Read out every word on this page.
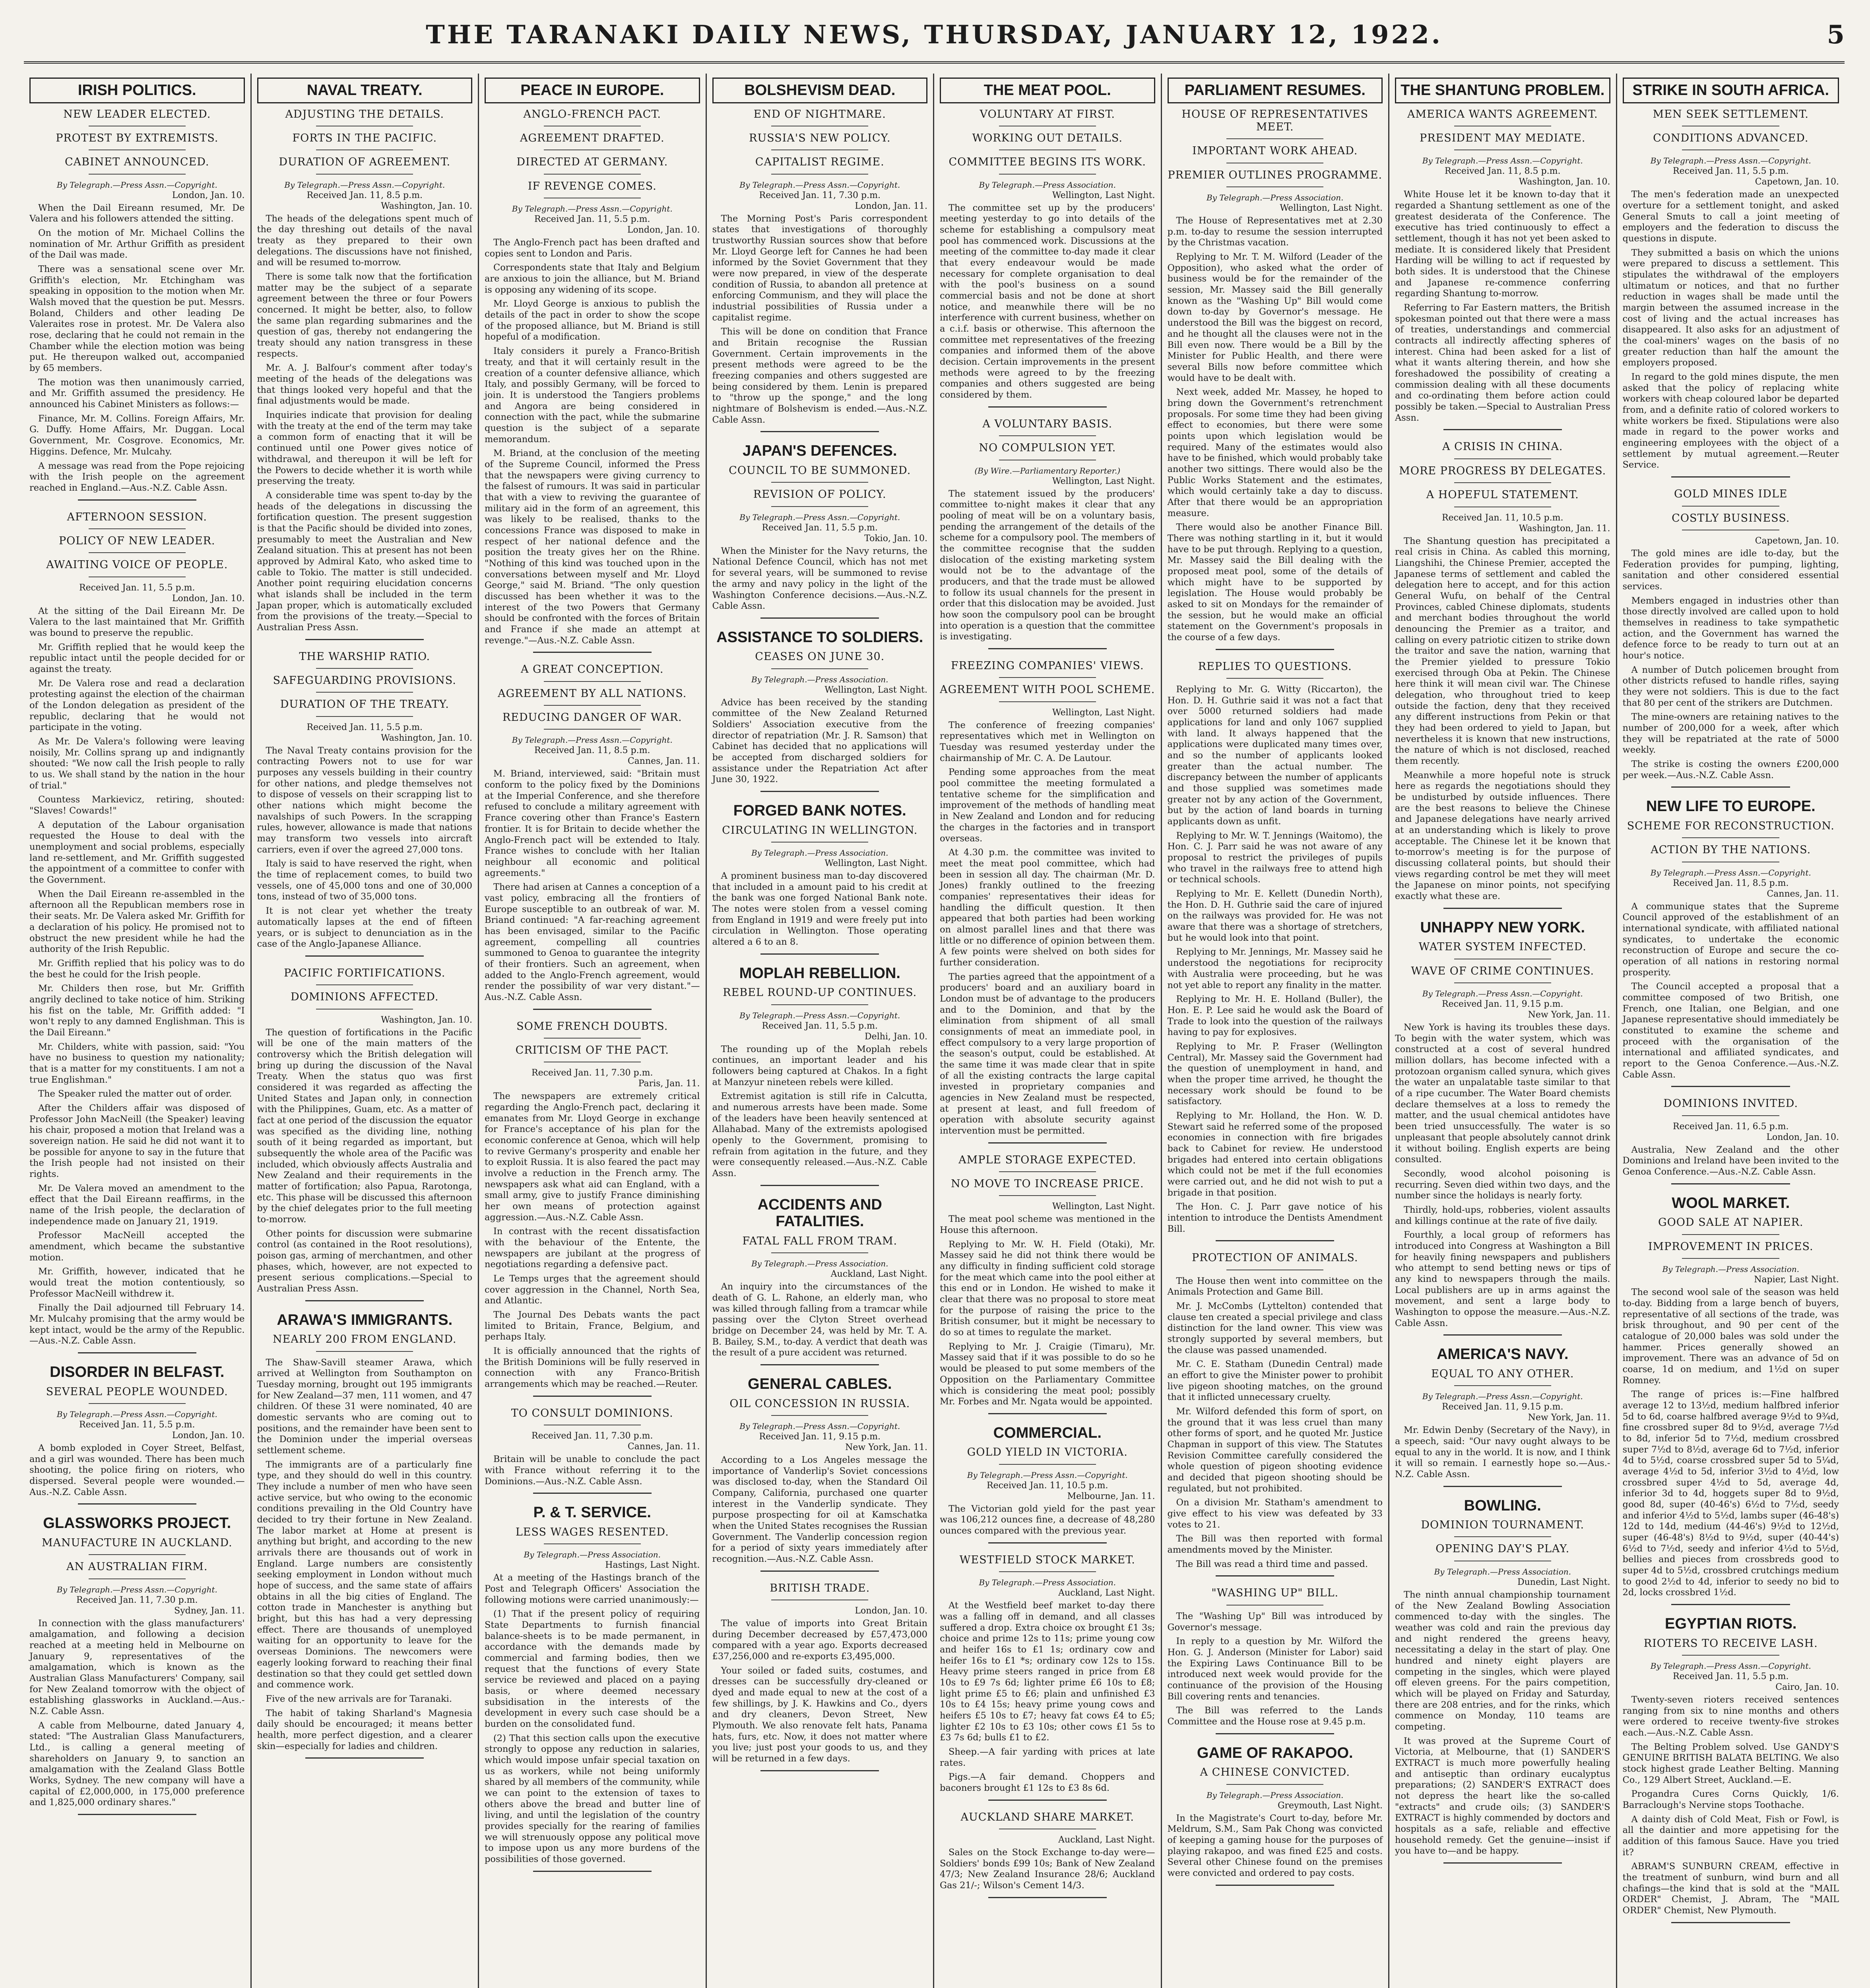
THE TARANAKI DAILY NEWS, THURSDAY, JANUARY 12, 1922.	5
IRISH POLITICS.
NEW LEADER ELECTED.
PROTEST BY EXTREMISTS.
CABINET ANNOUNCED.
By Telegraph.—Press Assn.—Copyright.
London, Jan. 10.

When the Dail Eireann resumed, Mr. De Valera and his followers attended the sitting.

On the motion of Mr. Michael Collins the nomination of Mr. Arthur Griffith as president of the Dail was made.

There was a sensational scene over Mr. Griffith's election, Mr. Etchingham was speaking in opposition to the motion when Mr. Walsh moved that the question be put. Messrs. Boland, Childers and other leading De Valeraites rose in protest. Mr. De Valera also rose, declaring that he could not remain in the Chamber while the election motion was being put. He thereupon walked out, accompanied by 65 members.

The motion was then unanimously carried, and Mr. Griffith assumed the presidency. He announced his Cabinet Ministers as follows:—

Finance, Mr. M. Collins. Foreign Affairs, Mr. G. Duffy. Home Affairs, Mr. Duggan. Local Government, Mr. Cosgrove. Economics, Mr. Higgins. Defence, Mr. Mulcahy.

A message was read from the Pope rejoicing with the Irish people on the agreement reached in England.—Aus.-N.Z. Cable Assn.

AFTERNOON SESSION.
POLICY OF NEW LEADER.
AWAITING VOICE OF PEOPLE.
Received Jan. 11, 5.5 p.m.
London, Jan. 10.

At the sitting of the Dail Eireann Mr. De Valera to the last maintained that Mr. Griffith was bound to preserve the republic.

Mr. Griffith replied that he would keep the republic intact until the people decided for or against the treaty.

Mr. De Valera rose and read a declaration protesting against the election of the chairman of the London delegation as president of the republic, declaring that he would not participate in the voting.

As Mr. De Valera's following were leaving noisily, Mr. Collins sprang up and indignantly shouted: "We now call the Irish people to rally to us. We shall stand by the nation in the hour of trial."

Countess Markievicz, retiring, shouted: "Slaves! Cowards!"

A deputation of the Labour organisation requested the House to deal with the unemployment and social problems, especially land re-settlement, and Mr. Griffith suggested the appointment of a committee to confer with the Government.

When the Dail Eireann re-assembled in the afternoon all the Republican members rose in their seats. Mr. De Valera asked Mr. Griffith for a declaration of his policy. He promised not to obstruct the new president while he had the authority of the Irish Republic.

Mr. Griffith replied that his policy was to do the best he could for the Irish people.

Mr. Childers then rose, but Mr. Griffith angrily declined to take notice of him. Striking his fist on the table, Mr. Griffith added: "I won't reply to any damned Englishman. This is the Dail Eireann."

Mr. Childers, white with passion, said: "You have no business to question my nationality; that is a matter for my constituents. I am not a true Englishman."

The Speaker ruled the matter out of order.

After the Childers affair was disposed of Professor John MacNeill (the Speaker) leaving his chair, proposed a motion that Ireland was a sovereign nation. He said he did not want it to be possible for anyone to say in the future that the Irish people had not insisted on their rights.

Mr. De Valera moved an amendment to the effect that the Dail Eireann reaffirms, in the name of the Irish people, the declaration of independence made on January 21, 1919.

Professor MacNeill accepted the amendment, which became the substantive motion.

Mr. Griffith, however, indicated that he would treat the motion contentiously, so Professor MacNeill withdrew it.

Finally the Dail adjourned till February 14. Mr. Mulcahy promising that the army would be kept intact, would be the army of the Republic.—Aus.-N.Z. Cable Assn.

DISORDER IN BELFAST.
SEVERAL PEOPLE WOUNDED.
By Telegraph.—Press Assn.—Copyright.
Received Jan. 11, 5.5 p.m.
London, Jan. 10.

A bomb exploded in Coyer Street, Belfast, and a girl was wounded. There has been much shooting, the police firing on rioters, who dispersed. Several people were wounded.—Aus.-N.Z. Cable Assn.

GLASSWORKS PROJECT.
MANUFACTURE IN AUCKLAND.
AN AUSTRALIAN FIRM.
By Telegraph.—Press Assn.—Copyright.
Received Jan. 11, 7.30 p.m.
Sydney, Jan. 11.

In connection with the glass manufacturers' amalgamation, and following a decision reached at a meeting held in Melbourne on January 9, representatives of the amalgamation, which is known as the Australian Glass Manufacturers' Company, sail for New Zealand tomorrow with the object of establishing glassworks in Auckland.—Aus.-N.Z. Cable Assn.

A cable from Melbourne, dated January 4, stated: "The Australian Glass Manufacturers, Ltd., is calling a general meeting of shareholders on January 9, to sanction an amalgamation with the Zealand Glass Bottle Works, Sydney. The new company will have a capital of £2,000,000, in 175,000 preference and 1,825,000 ordinary shares."

NAVAL TREATY.
ADJUSTING THE DETAILS.
FORTS IN THE PACIFIC.
DURATION OF AGREEMENT.
By Telegraph.—Press Assn.—Copyright.
Received Jan. 11, 8.5 p.m.
Washington, Jan. 10.

The heads of the delegations spent much of the day threshing out details of the naval treaty as they prepared to their own delegations. The discussions have not finished, and will be resumed to-morrow.

There is some talk now that the fortification matter may be the subject of a separate agreement between the three or four Powers concerned. It might be better, also, to follow the same plan regarding submarines and the question of gas, thereby not endangering the treaty should any nation transgress in these respects.

Mr. A. J. Balfour's comment after today's meeting of the heads of the delegations was that things looked very hopeful and that the final adjustments would be made.

Inquiries indicate that provision for dealing with the treaty at the end of the term may take a common form of enacting that it will be continued until one Power gives notice of withdrawal, and thereupon it will be left for the Powers to decide whether it is worth while preserving the treaty.

A considerable time was spent to-day by the heads of the delegations in discussing the fortification question. The present suggestion is that the Pacific should be divided into zones, presumably to meet the Australian and New Zealand situation. This at present has not been approved by Admiral Kato, who asked time to cable to Tokio. The matter is still undecided. Another point requiring elucidation concerns what islands shall be included in the term Japan proper, which is automatically excluded from the provisions of the treaty.—Special to Australian Press Assn.

THE WARSHIP RATIO.
SAFEGUARDING PROVISIONS.
DURATION OF THE TREATY.
Received Jan. 11, 5.5 p.m.
Washington, Jan. 10.

The Naval Treaty contains provision for the contracting Powers not to use for war purposes any vessels building in their country for other nations, and pledge themselves not to dispose of vessels on their scrapping list to other nations which might become the navalships of such Powers. In the scrapping rules, however, allowance is made that nations may transform two vessels into aircraft carriers, even if over the agreed 27,000 tons.

Italy is said to have reserved the right, when the time of replacement comes, to build two vessels, one of 45,000 tons and one of 30,000 tons, instead of two of 35,000 tons.

It is not clear yet whether the treaty automatically lapses at the end of fifteen years, or is subject to denunciation as in the case of the Anglo-Japanese Alliance.

PACIFIC FORTIFICATIONS.
DOMINIONS AFFECTED.
Washington, Jan. 10.

The question of fortifications in the Pacific will be one of the main matters of the controversy which the British delegation will bring up during the discussion of the Naval Treaty. When the status quo was first considered it was regarded as affecting the United States and Japan only, in connection with the Philippines, Guam, etc. As a matter of fact at one period of the discussion the equator was specified as the dividing line, nothing south of it being regarded as important, but subsequently the whole area of the Pacific was included, which obviously affects Australia and New Zealand and their requirements in the matter of fortification; also Papua, Rarotonga, etc. This phase will be discussed this afternoon by the chief delegates prior to the full meeting to-morrow.

Other points for discussion were submarine control (as contained in the Root resolutions), poison gas, arming of merchantmen, and other phases, which, however, are not expected to present serious complications.—Special to Australian Press Assn.

ARAWA'S IMMIGRANTS.
NEARLY 200 FROM ENGLAND.

The Shaw-Savill steamer Arawa, which arrived at Wellington from Southampton on Tuesday morning, brought out 195 immigrants for New Zealand—37 men, 111 women, and 47 children. Of these 31 were nominated, 40 are domestic servants who are coming out to positions, and the remainder have been sent to the Dominion under the imperial overseas settlement scheme.

The immigrants are of a particularly fine type, and they should do well in this country. They include a number of men who have seen active service, but who owing to the economic conditions prevailing in the Old Country have decided to try their fortune in New Zealand. The labor market at Home at present is anything but bright, and according to the new arrivals there are thousands out of work in England. Large numbers are consistently seeking employment in London without much hope of success, and the same state of affairs obtains in all the big cities of England. The cotton trade in Manchester is anything but bright, but this has had a very depressing effect. There are thousands of unemployed waiting for an opportunity to leave for the overseas Dominions. The newcomers were eagerly looking forward to reaching their final destination so that they could get settled down and commence work.

Five of the new arrivals are for Taranaki.

The habit of taking Sharland's Magnesia daily should be encouraged; it means better health, more perfect digestion, and a clearer skin—especially for ladies and children.

PEACE IN EUROPE.
ANGLO-FRENCH PACT.
AGREEMENT DRAFTED.
DIRECTED AT GERMANY.
IF REVENGE COMES.
By Telegraph.—Press Assn.—Copyright.
Received Jan. 11, 5.5 p.m.
London, Jan. 10.

The Anglo-French pact has been drafted and copies sent to London and Paris.

Correspondents state that Italy and Belgium are anxious to join the alliance, but M. Briand is opposing any widening of its scope.

Mr. Lloyd George is anxious to publish the details of the pact in order to show the scope of the proposed alliance, but M. Briand is still hopeful of a modification.

Italy considers it purely a Franco-British treaty, and that it will certainly result in the creation of a counter defensive alliance, which Italy, and possibly Germany, will be forced to join. It is understood the Tangiers problems and Angora are being considered in connection with the pact, while the submarine question is the subject of a separate memorandum.

M. Briand, at the conclusion of the meeting of the Supreme Council, informed the Press that the newspapers were giving currency to the falsest of rumours. It was said in particular that with a view to reviving the guarantee of military aid in the form of an agreement, this was likely to be realised, thanks to the concessions France was disposed to make in respect of her national defence and the position the treaty gives her on the Rhine. "Nothing of this kind was touched upon in the conversations between myself and Mr. Lloyd George," said M. Briand. "The only question discussed has been whether it was to the interest of the two Powers that Germany should be confronted with the forces of Britain and France if she made an attempt at revenge."—Aus.-N.Z. Cable Assn.

A GREAT CONCEPTION.
AGREEMENT BY ALL NATIONS.
REDUCING DANGER OF WAR.
By Telegraph.—Press Assn.—Copyright.
Received Jan. 11, 8.5 p.m.
Cannes, Jan. 11.

M. Briand, interviewed, said: "Britain must conform to the policy fixed by the Dominions at the Imperial Conference, and she therefore refused to conclude a military agreement with France covering other than France's Eastern frontier. It is for Britain to decide whether the Anglo-French pact will be extended to Italy. France wishes to conclude with her Italian neighbour all economic and political agreements."

There had arisen at Cannes a conception of a vast policy, embracing all the frontiers of Europe susceptible to an outbreak of war. M. Briand continued: "A far-reaching agreement has been envisaged, similar to the Pacific agreement, compelling all countries summoned to Genoa to guarantee the integrity of their frontiers. Such an agreement, when added to the Anglo-French agreement, would render the possibility of war very distant."—Aus.-N.Z. Cable Assn.

SOME FRENCH DOUBTS.
CRITICISM OF THE PACT.
Received Jan. 11, 7.30 p.m.
Paris, Jan. 11.

The newspapers are extremely critical regarding the Anglo-French pact, declaring it emanates from Mr. Lloyd George in exchange for France's acceptance of his plan for the economic conference at Genoa, which will help to revive Germany's prosperity and enable her to exploit Russia. It is also feared the pact may involve a reduction in the French army. The newspapers ask what aid can England, with a small army, give to justify France diminishing her own means of protection against aggression.—Aus.-N.Z. Cable Assn.

In contrast with the recent dissatisfaction with the behaviour of the Entente, the newspapers are jubilant at the progress of negotiations regarding a defensive pact.

Le Temps urges that the agreement should cover aggression in the Channel, North Sea, and Atlantic.

The Journal Des Debats wants the pact limited to Britain, France, Belgium, and perhaps Italy.

It is officially announced that the rights of the British Dominions will be fully reserved in connection with any Franco-British arrangements which may be reached.—Reuter.

TO CONSULT DOMINIONS.
Received Jan. 11, 7.30 p.m.
Cannes, Jan. 11.

Britain will be unable to conclude the pact with France without referring it to the Dominions.—Aus.-N.Z. Cable Assn.

P. & T. SERVICE.
LESS WAGES RESENTED.
By Telegraph.—Press Association.
Hastings, Last Night.

At a meeting of the Hastings branch of the Post and Telegraph Officers' Association the following motions were carried unanimously:—

(1) That if the present policy of requiring State Departments to furnish financial balance-sheets is to be made permanent, in accordance with the demands made by commercial and farming bodies, then we request that the functions of every State service be reviewed and placed on a paying basis, or where deemed necessary subsidisation in the interests of the development in every such case should be a burden on the consolidated fund.

(2) That this section calls upon the executive strongly to oppose any reduction in salaries, which would impose unfair special taxation on us as workers, while not being uniformly shared by all members of the community, while we can point to the extension of taxes to others above the bread and butter line of living, and until the legislation of the country provides specially for the rearing of families we will strenuously oppose any political move to impose upon us any more burdens of the possibilities of those governed.

BOLSHEVISM DEAD.
END OF NIGHTMARE.
RUSSIA'S NEW POLICY.
CAPITALIST REGIME.
By Telegraph.—Press Assn.—Copyright.
Received Jan. 11, 7.30 p.m.
London, Jan. 11.

The Morning Post's Paris correspondent states that investigations of thoroughly trustworthy Russian sources show that before Mr. Lloyd George left for Cannes he had been informed by the Soviet Government that they were now prepared, in view of the desperate condition of Russia, to abandon all pretence at enforcing Communism, and they will place the industrial possibilities of Russia under a capitalist regime.

This will be done on condition that France and Britain recognise the Russian Government. Certain improvements in the present methods were agreed to be the freezing companies and others suggested are being considered by them. Lenin is prepared to "throw up the sponge," and the long nightmare of Bolshevism is ended.—Aus.-N.Z. Cable Assn.

JAPAN'S DEFENCES.
COUNCIL TO BE SUMMONED.
REVISION OF POLICY.
By Telegraph.—Press Assn.—Copyright.
Received Jan. 11, 5.5 p.m.
Tokio, Jan. 10.

When the Minister for the Navy returns, the National Defence Council, which has not met for several years, will be summoned to revise the army and navy policy in the light of the Washington Conference decisions.—Aus.-N.Z. Cable Assn.

ASSISTANCE TO SOLDIERS.
CEASES ON JUNE 30.
By Telegraph.—Press Association.
Wellington, Last Night.

Advice has been received by the standing committee of the New Zealand Returned Soldiers' Association executive from the director of repatriation (Mr. J. R. Samson) that Cabinet has decided that no applications will be accepted from discharged soldiers for assistance under the Repatriation Act after June 30, 1922.

FORGED BANK NOTES.
CIRCULATING IN WELLINGTON.
By Telegraph.—Press Association.
Wellington, Last Night.

A prominent business man to-day discovered that included in a amount paid to his credit at the bank was one forged National Bank note. The notes were stolen from a vessel coming from England in 1919 and were freely put into circulation in Wellington. Those operating altered a 6 to an 8.

MOPLAH REBELLION.
REBEL ROUND-UP CONTINUES.
By Telegraph.—Press Assn.—Copyright.
Received Jan. 11, 5.5 p.m.
Delhi, Jan. 10.

The rounding up of the Moplah rebels continues, an important leader and his followers being captured at Chakos. In a fight at Manzyur nineteen rebels were killed.

Extremist agitation is still rife in Calcutta, and numerous arrests have been made. Some of the leaders have been heavily sentenced at Allahabad. Many of the extremists apologised openly to the Government, promising to refrain from agitation in the future, and they were consequently released.—Aus.-N.Z. Cable Assn.

ACCIDENTS AND FATALITIES.
FATAL FALL FROM TRAM.
By Telegraph.—Press Association.
Auckland, Last Night.

An inquiry into the circumstances of the death of G. L. Rahone, an elderly man, who was killed through falling from a tramcar while passing over the Clyton Street overhead bridge on December 24, was held by Mr. T. A. B. Bailey, S.M., to-day. A verdict that death was the result of a pure accident was returned.

GENERAL CABLES.
OIL CONCESSION IN RUSSIA.
By Telegraph.—Press Assn.—Copyright.
Received Jan. 11, 9.15 p.m.
New York, Jan. 11.

According to a Los Angeles message the importance of Vanderlip's Soviet concessions was disclosed to-day, when the Standard Oil Company, California, purchased one quarter interest in the Vanderlip syndicate. They purpose prospecting for oil at Kamschatka when the United States recognises the Russian Government. The Vanderlip concession region for a period of sixty years immediately after recognition.—Aus.-N.Z. Cable Assn.

BRITISH TRADE.
London, Jan. 10.

The value of imports into Great Britain during December decreased by £57,473,000 compared with a year ago. Exports decreased £37,256,000 and re-exports £3,495,000.

Your soiled or faded suits, costumes, and dresses can be successfully dry-cleaned or dyed and made equal to new at the cost of a few shillings, by J. K. Hawkins and Co., dyers and dry cleaners, Devon Street, New Plymouth. We also renovate felt hats, Panama hats, furs, etc. Now, it does not matter where you live; just post your goods to us, and they will be returned in a few days.

THE MEAT POOL.
VOLUNTARY AT FIRST.
WORKING OUT DETAILS.
COMMITTEE BEGINS ITS WORK.
By Telegraph.—Press Association.
Wellington, Last Night.

The committee set up by the producers' meeting yesterday to go into details of the scheme for establishing a compulsory meat pool has commenced work. Discussions at the meeting of the committee to-day made it clear that every endeavour would be made necessary for complete organisation to deal with the pool's business on a sound commercial basis and not be done at short notice, and meanwhile there will be no interference with current business, whether on a c.i.f. basis or otherwise. This afternoon the committee met representatives of the freezing companies and informed them of the above decision. Certain improvements in the present methods were agreed to by the freezing companies and others suggested are being considered by them.

A VOLUNTARY BASIS.
NO COMPULSION YET.
(By Wire.—Parliamentary Reporter.)
Wellington, Last Night.

The statement issued by the producers' committee to-night makes it clear that any pooling of meat will be on a voluntary basis, pending the arrangement of the details of the scheme for a compulsory pool. The members of the committee recognise that the sudden dislocation of the existing marketing system would not be to the advantage of the producers, and that the trade must be allowed to follow its usual channels for the present in order that this dislocation may be avoided. Just how soon the compulsory pool can be brought into operation is a question that the committee is investigating.

FREEZING COMPANIES' VIEWS.
AGREEMENT WITH POOL SCHEME.
Wellington, Last Night.

The conference of freezing companies' representatives which met in Wellington on Tuesday was resumed yesterday under the chairmanship of Mr. C. A. De Lautour.

Pending some approaches from the meat pool committee the meeting formulated a tentative scheme for the simplification and improvement of the methods of handling meat in New Zealand and London and for reducing the charges in the factories and in transport overseas.

At 4.30 p.m. the committee was invited to meet the meat pool committee, which had been in session all day. The chairman (Mr. D. Jones) frankly outlined to the freezing companies' representatives their ideas for handling the difficult question. It then appeared that both parties had been working on almost parallel lines and that there was little or no difference of opinion between them. A few points were shelved on both sides for further consideration.

The parties agreed that the appointment of a producers' board and an auxiliary board in London must be of advantage to the producers and to the Dominion, and that by the elimination from shipment of all small consignments of meat an immediate pool, in effect compulsory to a very large proportion of the season's output, could be established. At the same time it was made clear that in spite of all the existing contracts the large capital invested in proprietary companies and agencies in New Zealand must be respected, at present at least, and full freedom of operation with absolute security against intervention must be permitted.

AMPLE STORAGE EXPECTED.
NO MOVE TO INCREASE PRICE.
Wellington, Last Night.

The meat pool scheme was mentioned in the House this afternoon.

Replying to Mr. W. H. Field (Otaki), Mr. Massey said he did not think there would be any difficulty in finding sufficient cold storage for the meat which came into the pool either at this end or in London. He wished to make it clear that there was no proposal to store meat for the purpose of raising the price to the British consumer, but it might be necessary to do so at times to regulate the market.

Replying to Mr. J. Craigie (Timaru), Mr. Massey said that if it was possible to do so he would be pleased to put some members of the Opposition on the Parliamentary Committee which is considering the meat pool; possibly Mr. Forbes and Mr. Ngata would be appointed.

COMMERCIAL.
GOLD YIELD IN VICTORIA.
By Telegraph.—Press Assn.—Copyright.
Received Jan. 11, 10.5 p.m.
Melbourne, Jan. 11.

The Victorian gold yield for the past year was 106,212 ounces fine, a decrease of 48,280 ounces compared with the previous year.

WESTFIELD STOCK MARKET.
By Telegraph.—Press Association.
Auckland, Last Night.

At the Westfield beef market to-day there was a falling off in demand, and all classes suffered a drop. Extra choice ox brought £1 3s; choice and prime 12s to 11s; prime young cow and heifer 16s to £1 1s; ordinary cow and heifer 16s to £1 *s; ordinary cow 12s to 15s. Heavy prime steers ranged in price from £8 10s to £9 7s 6d; lighter prime £6 10s to £8; light prime £5 to £6; plain and unfinished £3 10s to £4 15s; heavy prime young cows and heifers £5 10s to £7; heavy fat cows £4 to £5; lighter £2 10s to £3 10s; other cows £1 5s to £3 7s 6d; bulls £1 to £2.

Sheep.—A fair yarding with prices at late rates.

Pigs.—A fair demand. Choppers and baconers brought £1 12s to £3 8s 6d.

AUCKLAND SHARE MARKET.
Auckland, Last Night.

Sales on the Stock Exchange to-day were—Soldiers' bonds £99 10s; Bank of New Zealand 47/3; New Zealand Insurance 28/6; Auckland Gas 21/-; Wilson's Cement 14/3.

PARLIAMENT RESUMES.
HOUSE OF REPRESENTATIVES MEET.
IMPORTANT WORK AHEAD.
PREMIER OUTLINES PROGRAMME.
By Telegraph.—Press Association.
Wellington, Last Night.

The House of Representatives met at 2.30 p.m. to-day to resume the session interrupted by the Christmas vacation.

Replying to Mr. T. M. Wilford (Leader of the Opposition), who asked what the order of business would be for the remainder of the session, Mr. Massey said the Bill generally known as the "Washing Up" Bill would come down to-day by Governor's message. He understood the Bill was the biggest on record, and he thought all the clauses were not in the Bill even now. There would be a Bill by the Minister for Public Health, and there were several Bills now before committee which would have to be dealt with.

Next week, added Mr. Massey, he hoped to bring down the Government's retrenchment proposals. For some time they had been giving effect to economies, but there were some points upon which legislation would be required. Many of the estimates would also have to be finished, which would probably take another two sittings. There would also be the Public Works Statement and the estimates, which would certainly take a day to discuss. After that there would be an appropriation measure.

There would also be another Finance Bill. There was nothing startling in it, but it would have to be put through. Replying to a question, Mr. Massey said the Bill dealing with the proposed meat pool, some of the details of which might have to be supported by legislation. The House would probably be asked to sit on Mondays for the remainder of the session, but he would make an official statement on the Government's proposals in the course of a few days.

REPLIES TO QUESTIONS.

Replying to Mr. G. Witty (Riccarton), the Hon. D. H. Guthrie said it was not a fact that over 5000 returned soldiers had made applications for land and only 1067 supplied with land. It always happened that the applications were duplicated many times over, and so the number of applicants looked greater than the actual number. The discrepancy between the number of applicants and those supplied was sometimes made greater not by any action of the Government, but by the action of land boards in turning applicants down as unfit.

Replying to Mr. W. T. Jennings (Waitomo), the Hon. C. J. Parr said he was not aware of any proposal to restrict the privileges of pupils who travel in the railways free to attend high or technical schools.

Replying to Mr. E. Kellett (Dunedin North), the Hon. D. H. Guthrie said the care of injured on the railways was provided for. He was not aware that there was a shortage of stretchers, but he would look into that point.

Replying to Mr. Jennings, Mr. Massey said he understood the negotiations for reciprocity with Australia were proceeding, but he was not yet able to report any finality in the matter.

Replying to Mr. H. E. Holland (Buller), the Hon. E. P. Lee said he would ask the Board of Trade to look into the question of the railways having to pay for explosives.

Replying to Mr. P. Fraser (Wellington Central), Mr. Massey said the Government had the question of unemployment in hand, and when the proper time arrived, he thought the necessary work should be found to be satisfactory.

Replying to Mr. Holland, the Hon. W. D. Stewart said he referred some of the proposed economies in connection with fire brigades back to Cabinet for review. He understood brigades had entered into certain obligations which could not be met if the full economies were carried out, and he did not wish to put a brigade in that position.

The Hon. C. J. Parr gave notice of his intention to introduce the Dentists Amendment Bill.

PROTECTION OF ANIMALS.

The House then went into committee on the Animals Protection and Game Bill.

Mr. J. McCombs (Lyttelton) contended that clause ten created a special privilege and class distinction for the land owner. This view was strongly supported by several members, but the clause was passed unamended.

Mr. C. E. Statham (Dunedin Central) made an effort to give the Minister power to prohibit live pigeon shooting matches, on the ground that it inflicted unnecessary cruelty.

Mr. Wilford defended this form of sport, on the ground that it was less cruel than many other forms of sport, and he quoted Mr. Justice Chapman in support of this view. The Statutes Revision Committee carefully considered the whole question of pigeon shooting evidence and decided that pigeon shooting should be regulated, but not prohibited.

On a division Mr. Statham's amendment to give effect to his view was defeated by 33 votes to 21.

The Bill was then reported with formal amendments moved by the Minister.

The Bill was read a third time and passed.

"WASHING UP" BILL.

The "Washing Up" Bill was introduced by Governor's message.

In reply to a question by Mr. Wilford the Hon. G. J. Anderson (Minister for Labor) said the Expiring Laws Continuance Bill to be introduced next week would provide for the continuance of the provision of the Housing Bill covering rents and tenancies.

The Bill was referred to the Lands Committee and the House rose at 9.45 p.m.

GAME OF RAKAPOO.
A CHINESE CONVICTED.
By Telegraph.—Press Association.
Greymouth, Last Night.

In the Magistrate's Court to-day, before Mr. Meldrum, S.M., Sam Pak Chong was convicted of keeping a gaming house for the purposes of playing rakapoo, and was fined £25 and costs. Several other Chinese found on the premises were convicted and ordered to pay costs.

THE SHANTUNG PROBLEM.
AMERICA WANTS AGREEMENT.
PRESIDENT MAY MEDIATE.
By Telegraph.—Press Assn.—Copyright.
Received Jan. 11, 8.5 p.m.
Washington, Jan. 10.

White House let it be known to-day that it regarded a Shantung settlement as one of the greatest desiderata of the Conference. The executive has tried continuously to effect a settlement, though it has not yet been asked to mediate. It is considered likely that President Harding will be willing to act if requested by both sides. It is understood that the Chinese and Japanese re-commence conferring regarding Shantung to-morrow.

Referring to Far Eastern matters, the British spokesman pointed out that there were a mass of treaties, understandings and commercial contracts all indirectly affecting spheres of interest. China had been asked for a list of what it wants altering therein, and how she foreshadowed the possibility of creating a commission dealing with all these documents and co-ordinating them before action could possibly be taken.—Special to Australian Press Assn.

A CRISIS IN CHINA.
MORE PROGRESS BY DELEGATES.
A HOPEFUL STATEMENT.
Received Jan. 11, 10.5 p.m.
Washington, Jan. 11.

The Shantung question has precipitated a real crisis in China. As cabled this morning, Liangshihi, the Chinese Premier, accepted the Japanese terms of settlement and cabled the delegation here to accept, and for this action General Wufu, on behalf of the Central Provinces, cabled Chinese diplomats, students and merchant bodies throughout the world denouncing the Premier as a traitor, and calling on every patriotic citizen to strike down the traitor and save the nation, warning that the Premier yielded to pressure Tokio exercised through Oba at Pekin. The Chinese here think it will mean civil war. The Chinese delegation, who throughout tried to keep outside the faction, deny that they received any different instructions from Pekin or that they had been ordered to yield to Japan, but nevertheless it is known that new instructions, the nature of which is not disclosed, reached them recently.

Meanwhile a more hopeful note is struck here as regards the negotiations should they be undisturbed by outside influences. There are the best reasons to believe the Chinese and Japanese delegations have nearly arrived at an understanding which is likely to prove acceptable. The Chinese let it be known that to-morrow's meeting is for the purpose of discussing collateral points, but should their views regarding control be met they will meet the Japanese on minor points, not specifying exactly what these are.

UNHAPPY NEW YORK.
WATER SYSTEM INFECTED.
WAVE OF CRIME CONTINUES.
By Telegraph.—Press Assn.—Copyright.
Received Jan. 11, 9.15 p.m.
New York, Jan. 11.

New York is having its troubles these days. To begin with the water system, which was constructed at a cost of several hundred million dollars, has become infected with a protozoan organism called synura, which gives the water an unpalatable taste similar to that of a ripe cucumber. The Water Board chemists declare themselves at a loss to remedy the matter, and the usual chemical antidotes have been tried unsuccessfully. The water is so unpleasant that people absolutely cannot drink it without boiling. English experts are being consulted.

Secondly, wood alcohol poisoning is recurring. Seven died within two days, and the number since the holidays is nearly forty.

Thirdly, hold-ups, robberies, violent assaults and killings continue at the rate of five daily.

Fourthly, a local group of reformers has introduced into Congress at Washington a Bill for heavily fining newspapers and publishers who attempt to send betting news or tips of any kind to newspapers through the mails. Local publishers are up in arms against the movement, and sent a large body to Washington to oppose the measure.—Aus.-N.Z. Cable Assn.

AMERICA'S NAVY.
EQUAL TO ANY OTHER.
By Telegraph.—Press Assn.—Copyright.
Received Jan. 11, 9.15 p.m.
New York, Jan. 11.

Mr. Edwin Denby (Secretary of the Navy), in a speech, said: "Our navy ought always to be equal to any in the world. It is now, and I think it will so remain. I earnestly hope so.—Aus.-N.Z. Cable Assn.

BOWLING.
DOMINION TOURNAMENT.
OPENING DAY'S PLAY.
By Telegraph.—Press Association.
Dunedin, Last Night.

The ninth annual championship tournament of the New Zealand Bowling Association commenced to-day with the singles. The weather was cold and rain the previous day and night rendered the greens heavy, necessitating a delay in the start of play. One hundred and ninety eight players are competing in the singles, which were played off eleven greens. For the pairs competition, which will be played on Friday and Saturday, there are 208 entries, and for the rinks, which commence on Monday, 110 teams are competing.

It was proved at the Supreme Court of Victoria, at Melbourne, that (1) SANDER'S EXTRACT is much more powerfully healing and antiseptic than ordinary eucalyptus preparations; (2) SANDER'S EXTRACT does not depress the heart like the so-called "extracts" and crude oils; (3) SANDER'S EXTRACT is highly commended by doctors and hospitals as a safe, reliable and effective household remedy. Get the genuine—insist if you have to—and be happy.

STRIKE IN SOUTH AFRICA.
MEN SEEK SETTLEMENT.
CONDITIONS ADVANCED.
By Telegraph.—Press Assn.—Copyright.
Received Jan. 11, 5.5 p.m.
Capetown, Jan. 10.

The men's federation made an unexpected overture for a settlement tonight, and asked General Smuts to call a joint meeting of employers and the federation to discuss the questions in dispute.

They submitted a basis on which the unions were prepared to discuss a settlement. This stipulates the withdrawal of the employers ultimatum or notices, and that no further reduction in wages shall be made until the margin between the assumed increase in the cost of living and the actual increases has disappeared. It also asks for an adjustment of the coal-miners' wages on the basis of no greater reduction than half the amount the employers proposed.

In regard to the gold mines dispute, the men asked that the policy of replacing white workers with cheap coloured labor be departed from, and a definite ratio of colored workers to white workers be fixed. Stipulations were also made in regard to the power works and engineering employees with the object of a settlement by mutual agreement.—Reuter Service.

GOLD MINES IDLE
COSTLY BUSINESS.
Capetown, Jan. 10.

The gold mines are idle to-day, but the Federation provides for pumping, lighting, sanitation and other considered essential services.

Members engaged in industries other than those directly involved are called upon to hold themselves in readiness to take sympathetic action, and the Government has warned the defence force to be ready to turn out at an hour's notice.

A number of Dutch policemen brought from other districts refused to handle rifles, saying they were not soldiers. This is due to the fact that 80 per cent of the strikers are Dutchmen.

The mine-owners are retaining natives to the number of 200,000 for a week, after which they will be repatriated at the rate of 5000 weekly.

The strike is costing the owners £200,000 per week.—Aus.-N.Z. Cable Assn.

NEW LIFE TO EUROPE.
SCHEME FOR RECONSTRUCTION.
ACTION BY THE NATIONS.
By Telegraph.—Press Assn.—Copyright.
Received Jan. 11, 8.5 p.m.
Cannes, Jan. 11.

A communique states that the Supreme Council approved of the establishment of an international syndicate, with affiliated national syndicates, to undertake the economic reconstruction of Europe and secure the co-operation of all nations in restoring normal prosperity.

The Council accepted a proposal that a committee composed of two British, one French, one Italian, one Belgian, and one Japanese representative should immediately be constituted to examine the scheme and proceed with the organisation of the international and affiliated syndicates, and report to the Genoa Conference.—Aus.-N.Z. Cable Assn.

DOMINIONS INVITED.
Received Jan. 11, 6.5 p.m.
London, Jan. 10.

Australia, New Zealand and the other Dominions and Ireland have been invited to the Genoa Conference.—Aus.-N.Z. Cable Assn.

WOOL MARKET.
GOOD SALE AT NAPIER.
IMPROVEMENT IN PRICES.
By Telegraph.—Press Association.
Napier, Last Night.

The second wool sale of the season was held to-day. Bidding from a large bench of buyers, representative of all sections of the trade, was brisk throughout, and 90 per cent of the catalogue of 20,000 bales was sold under the hammer. Prices generally showed an improvement. There was an advance of 5d on coarse, 1d on medium, and 1½d on super Romney.

The range of prices is:—Fine halfbred average 12 to 13½d, medium halfbred inferior 5d to 6d, coarse halfbred average 9½d to 9¾d, fine crossbred super 8d to 9½d, average 7½d to 8d, inferior 5d to 7½d, medium crossbred super 7½d to 8½d, average 6d to 7½d, inferior 4d to 5½d, coarse crossbred super 5d to 5¼d, average 4½d to 5d, inferior 3½d to 4½d, low crossbred super 4½d to 5d, average 4d, inferior 3d to 4d, hoggets super 8d to 9½d, good 8d, super (40-46's) 6½d to 7½d, seedy and inferior 4½d to 5½d, lambs super (46-48's) 12d to 14d, medium (44-46's) 9½d to 12½d, super (46-48's) 8½d to 9½d, super (40-44's) 6½d to 7½d, seedy and inferior 4½d to 5½d, bellies and pieces from crossbreds good to super 4d to 5½d, crossbred crutchings medium to good 2½d to 4d, inferior to seedy no bid to 2d, locks crossbred 1½d.

EGYPTIAN RIOTS.
RIOTERS TO RECEIVE LASH.
By Telegraph.—Press Assn.—Copyright.
Received Jan. 11, 5.5 p.m.
Cairo, Jan. 10.

Twenty-seven rioters received sentences ranging from six to nine months and others were ordered to receive twenty-five strokes each.—Aus.-N.Z. Cable Assn.

The Belting Problem solved. Use GANDY'S GENUINE BRITISH BALATA BELTING. We also stock highest grade Leather Belting. Manning Co., 129 Albert Street, Auckland.—E.

Progandra Cures Corns Quickly, 1/6. Barraclough's Nervine stops Toothache.

A dainty dish of Cold Meat, Fish or Fowl, is all the daintier and more appetising for the addition of this famous Sauce. Have you tried it?

ABRAM'S SUNBURN CREAM, effective in the treatment of sunburn, wind burn and all chafings—the kind that is sold at the "MAIL ORDER" Chemist, J. Abram, The "MAIL ORDER" Chemist, New Plymouth.
